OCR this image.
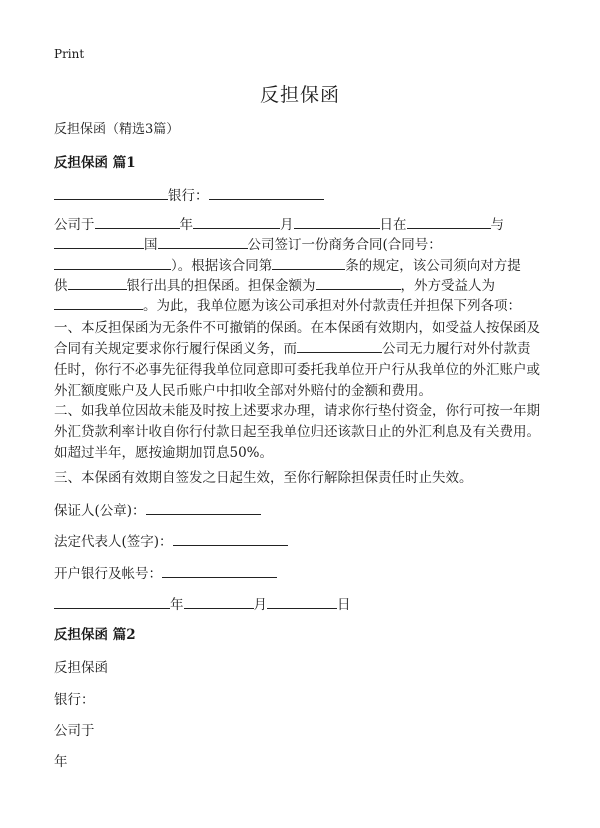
Print
反担保函
反担保函（精选3篇）
反担保函 篇1
银行：
公司于	年	月	日在	与
国	公司签订一份商务合同(合同号：
）。根据该合同第	条的规定，该公司须向对方提
供	银行出具的担保函。担保金额为	，外方受益人为
。为此，我单位愿为该公司承担对外付款责任并担保下列各项：
一、本反担保函为无条件不可撤销的保函。在本保函有效期内，如受益人按保函及
合同有关规定要求你行履行保函义务，而	公司无力履行对外付款责
任时，你行不必事先征得我单位同意即可委托我单位开户行从我单位的外汇账户或
外汇额度账户及人民币账户中扣收全部对外赔付的金额和费用。
二、如我单位因故未能及时按上述要求办理，请求你行垫付资金，你行可按一年期
外汇贷款利率计收自你行付款日起至我单位归还该款日止的外汇利息及有关费用。
如超过半年，愿按逾期加罚息50%。
三、本保函有效期自签发之日起生效，至你行解除担保责任时止失效。
保证人(公章)：
法定代表人(签字)：
开户银行及帐号：
年	月	日
反担保函 篇2
反担保函
银行：
公司于
年
